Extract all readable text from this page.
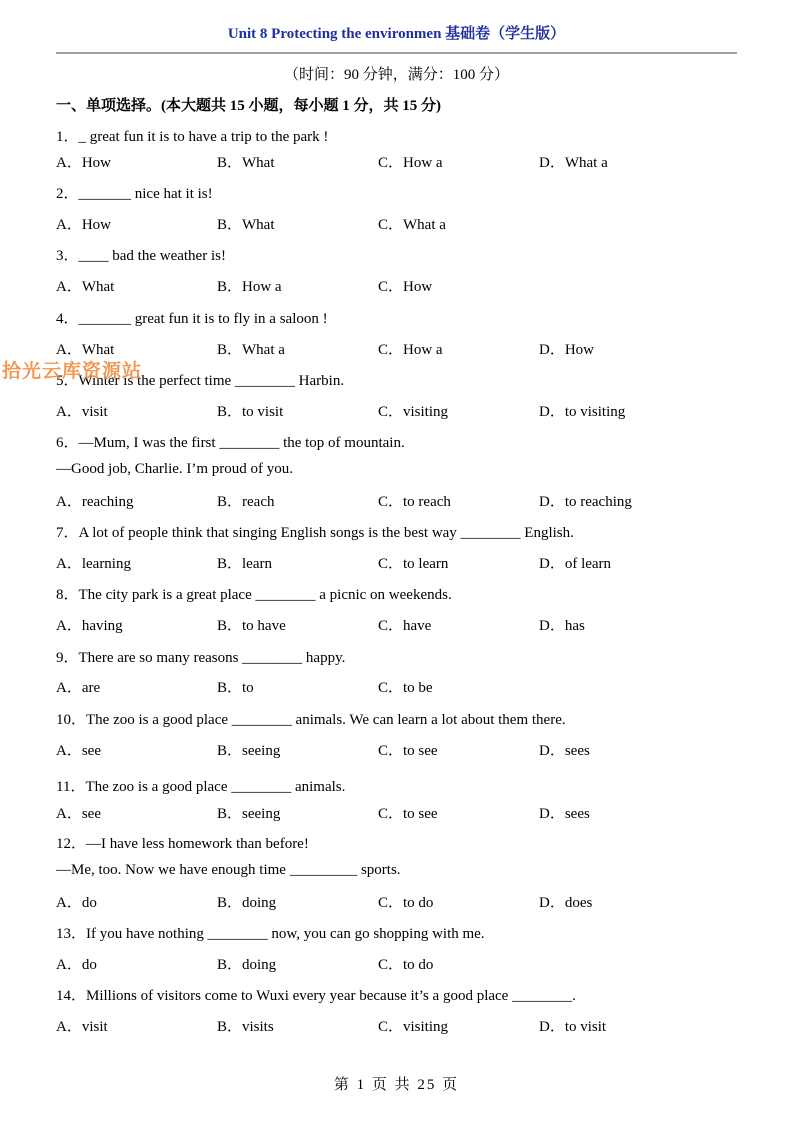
Unit 8 Protecting the environmen 基础卷（学生版）
（时间：90 分钟，满分：100 分）
一、单项选择。(本大题共 15 小题，每小题 1 分，共 15 分)
1．_ great fun it is to have a trip to the park !
A．How	B．What	C．How a	D．What a
2．_______ nice hat it is!
A．How	B．What	C．What a
3．____ bad the weather is!
A．What	B．How a	C．How
4．_______ great fun it is to fly in a saloon !
A．What	B．What a	C．How a	D．How
5．Winter is the perfect time ________ Harbin.
A．visit	B．to visit	C．visiting	D．to visiting
6．—Mum, I was the first ________ the top of mountain.
—Good job, Charlie. I’m proud of you.
A．reaching	B．reach	C．to reach	D．to reaching
7．A lot of people think that singing English songs is the best way ________ English.
A．learning	B．learn	C．to learn	D．of learn
8．The city park is a great place ________ a picnic on weekends.
A．having	B．to have	C．have	D．has
9．There are so many reasons ________ happy.
A．are	B．to	C．to be
10．The zoo is a good place ________ animals. We can learn a lot about them there.
A．see	B．seeing	C．to see	D．sees
11．The zoo is a good place ________ animals.
A．see	B．seeing	C．to see	D．sees
12．—I have less homework than before!
—Me, too. Now we have enough time _________ sports.
A．do	B．doing	C．to do	D．does
13．If you have nothing ________ now, you can go shopping with me.
A．do	B．doing	C．to do
14．Millions of visitors come to Wuxi every year because it’s a good place ________.
A．visit	B．visits	C．visiting	D．to visit
拾光云库资源站
第 1 页 共 25 页
